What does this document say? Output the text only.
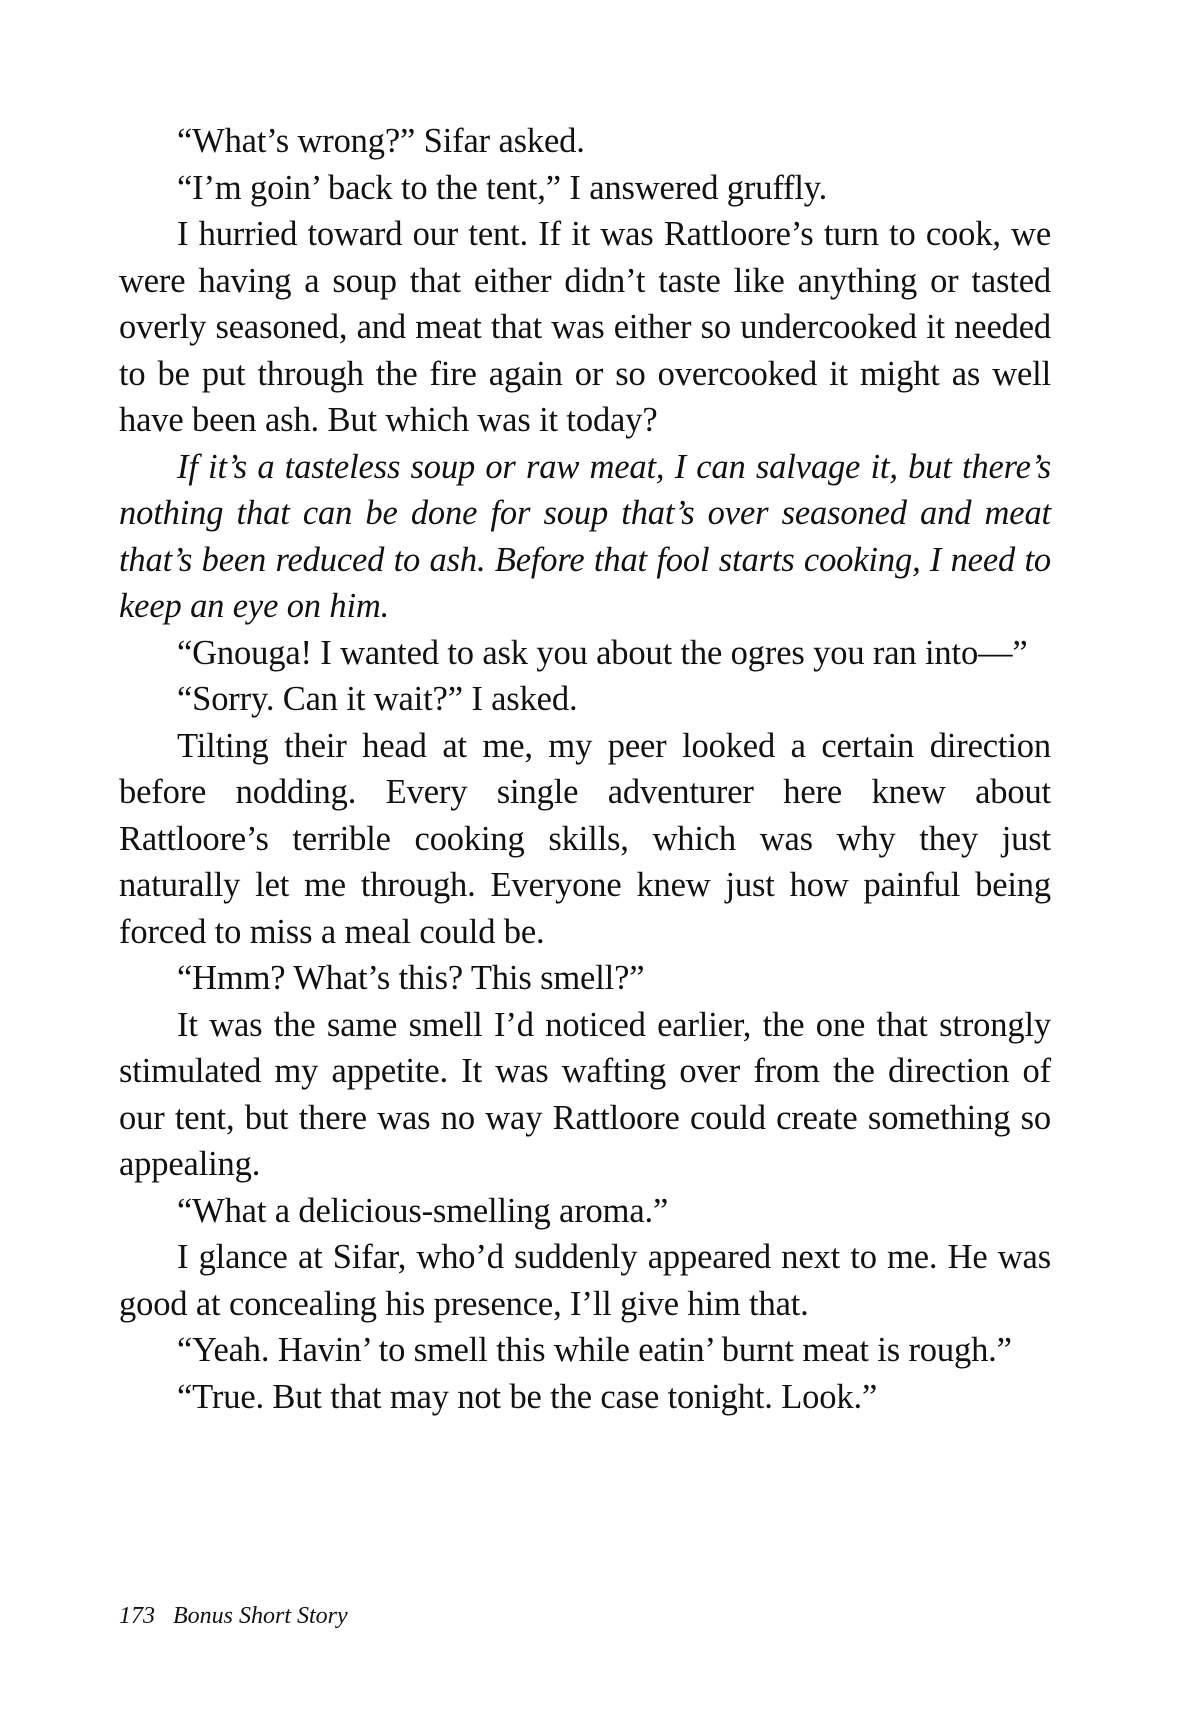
“What’s wrong?” Sifar asked.

“I’m goin’ back to the tent,” I answered gruffly.

I hurried toward our tent. If it was Rattloore’s turn to cook, we were having a soup that either didn’t taste like anything or tasted overly seasoned, and meat that was either so undercooked it needed to be put through the fire again or so overcooked it might as well have been ash. But which was it today?

If it’s a tasteless soup or raw meat, I can salvage it, but there’s nothing that can be done for soup that’s over seasoned and meat that’s been reduced to ash. Before that fool starts cooking, I need to keep an eye on him.

“Gnouga! I wanted to ask you about the ogres you ran into—”

“Sorry. Can it wait?” I asked.

Tilting their head at me, my peer looked a certain direction before nodding. Every single adventurer here knew about Rattloore’s terrible cooking skills, which was why they just naturally let me through. Everyone knew just how painful being forced to miss a meal could be.

“Hmm? What’s this? This smell?”

It was the same smell I’d noticed earlier, the one that strongly stimulated my appetite. It was wafting over from the direction of our tent, but there was no way Rattloore could create something so appealing.

“What a delicious-smelling aroma.”

I glance at Sifar, who’d suddenly appeared next to me. He was good at concealing his presence, I’ll give him that.

“Yeah. Havin’ to smell this while eatin’ burnt meat is rough.”

“True. But that may not be the case tonight. Look.”

173 Bonus Short Story
